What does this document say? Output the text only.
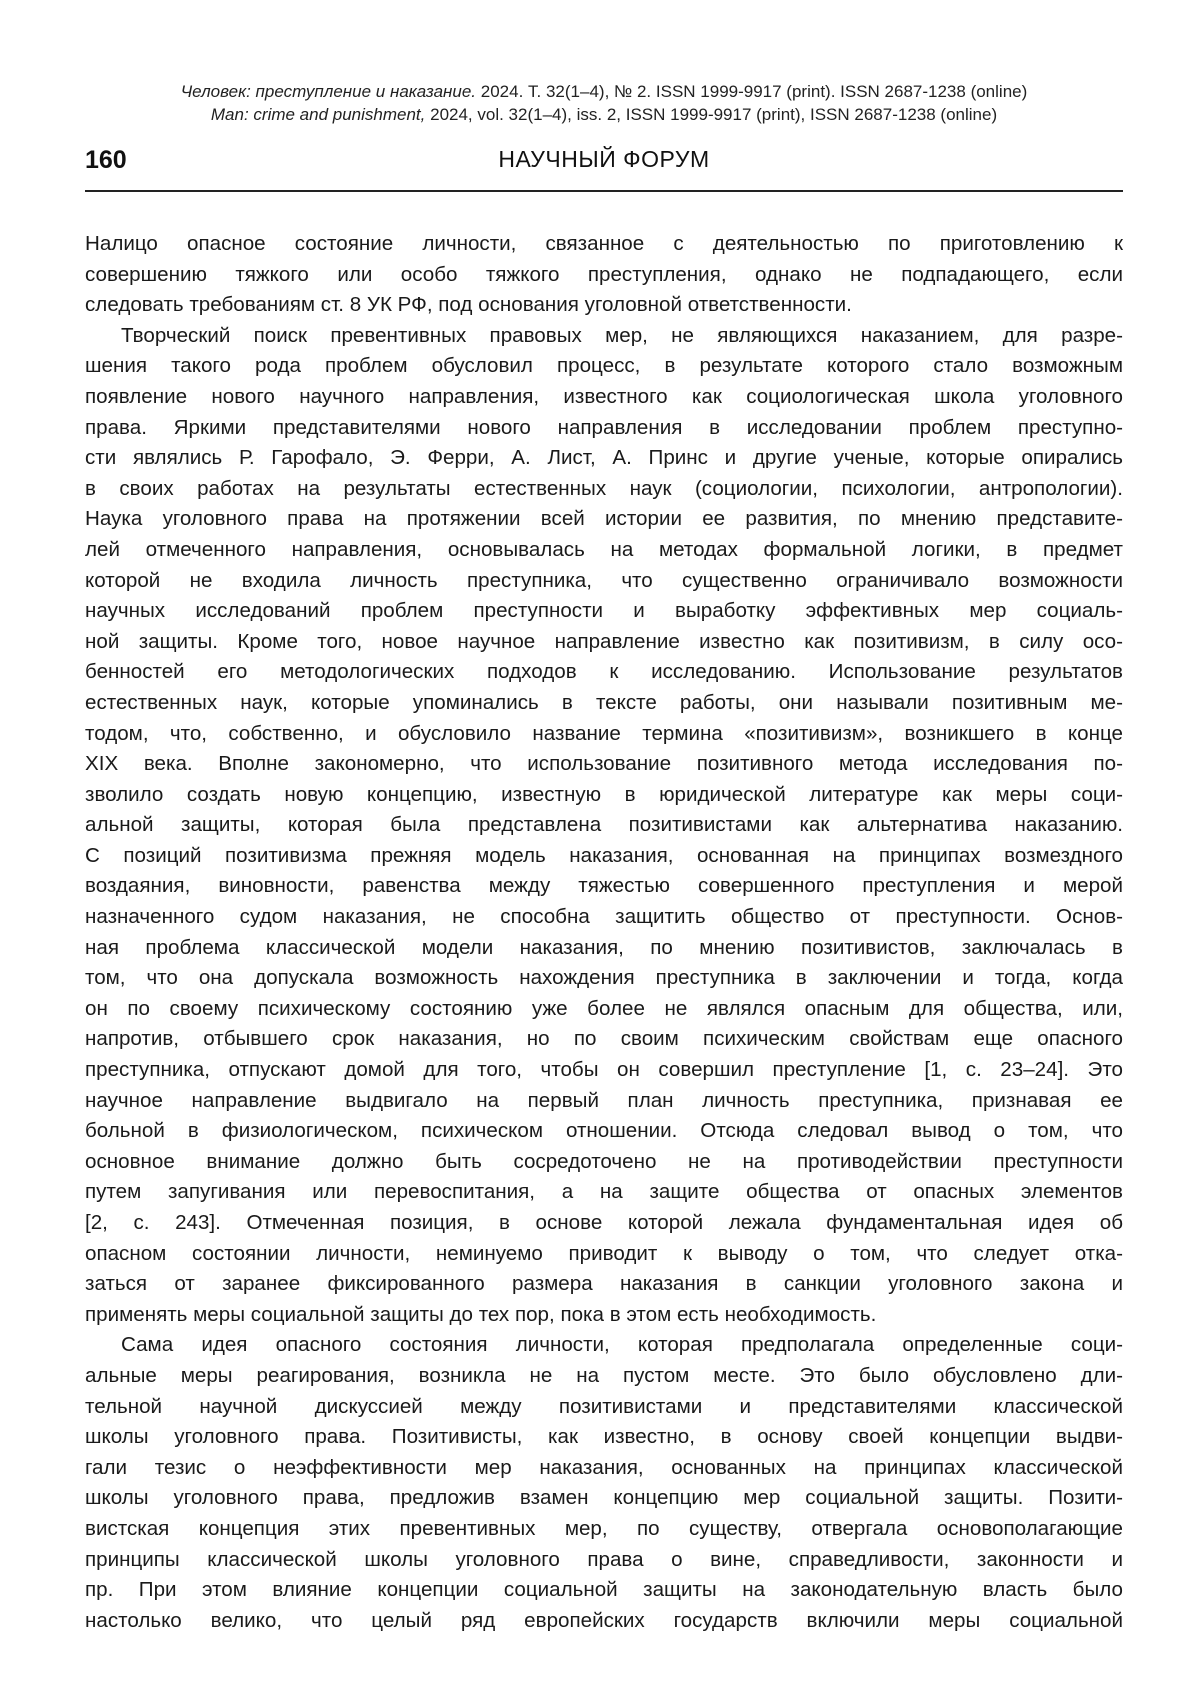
Человек: преступление и наказание. 2024. Т. 32(1–4), № 2. ISSN 1999-9917 (print). ISSN 2687-1238 (online)
Man: crime and punishment, 2024, vol. 32(1–4), iss. 2, ISSN 1999-9917 (print), ISSN 2687-1238 (online)
НАУЧНЫЙ ФОРУМ
160
Налицо опасное состояние личности, связанное с деятельностью по приготовлению к
совершению тяжкого или особо тяжкого преступления, однако не подпадающего, если
следовать требованиям ст. 8 УК РФ, под основания уголовной ответственности.
Творческий поиск превентивных правовых мер, не являющихся наказанием, для разре-
шения такого рода проблем обусловил процесс, в результате которого стало возможным
появление нового научного направления, известного как социологическая школа уголовного
права. Яркими представителями нового направления в исследовании проблем преступно-
сти являлись Р. Гарофало, Э. Ферри, А. Лист, А. Принс и другие ученые, которые опирались
в своих работах на результаты естественных наук (социологии, психологии, антропологии).
Наука уголовного права на протяжении всей истории ее развития, по мнению представите-
лей отмеченного направления, основывалась на методах формальной логики, в предмет
которой не входила личность преступника, что существенно ограничивало возможности
научных исследований проблем преступности и выработку эффективных мер социаль-
ной защиты. Кроме того, новое научное направление известно как позитивизм, в силу осо-
бенностей его методологических подходов к исследованию. Использование результатов
естественных наук, которые упоминались в тексте работы, они называли позитивным ме-
тодом, что, собственно, и обусловило название термина «позитивизм», возникшего в конце
XIX века. Вполне закономерно, что использование позитивного метода исследования по-
зволило создать новую концепцию, известную в юридической литературе как меры соци-
альной защиты, которая была представлена позитивистами как альтернатива наказанию.
С позиций позитивизма прежняя модель наказания, основанная на принципах возмездного
воздаяния, виновности, равенства между тяжестью совершенного преступления и мерой
назначенного судом наказания, не способна защитить общество от преступности. Основ-
ная проблема классической модели наказания, по мнению позитивистов, заключалась в
том, что она допускала возможность нахождения преступника в заключении и тогда, когда
он по своему психическому состоянию уже более не являлся опасным для общества, или,
напротив, отбывшего срок наказания, но по своим психическим свойствам еще опасного
преступника, отпускают домой для того, чтобы он совершил преступление [1, с. 23–24]. Это
научное направление выдвигало на первый план личность преступника, признавая ее
больной в физиологическом, психическом отношении. Отсюда следовал вывод о том, что
основное внимание должно быть сосредоточено не на противодействии преступности
путем запугивания или перевоспитания, а на защите общества от опасных элементов
[2, с. 243]. Отмеченная позиция, в основе которой лежала фундаментальная идея об
опасном состоянии личности, неминуемо приводит к выводу о том, что следует отка-
заться от заранее фиксированного размера наказания в санкции уголовного закона и
применять меры социальной защиты до тех пор, пока в этом есть необходимость.
Сама идея опасного состояния личности, которая предполагала определенные соци-
альные меры реагирования, возникла не на пустом месте. Это было обусловлено дли-
тельной научной дискуссией между позитивистами и представителями классической
школы уголовного права. Позитивисты, как известно, в основу своей концепции выдви-
гали тезис о неэффективности мер наказания, основанных на принципах классической
школы уголовного права, предложив взамен концепцию мер социальной защиты. Позити-
вистская концепция этих превентивных мер, по существу, отвергала основополагающие
принципы классической школы уголовного права о вине, справедливости, законности и
пр. При этом влияние концепции социальной защиты на законодательную власть было
настолько велико, что целый ряд европейских государств включили меры социальной
